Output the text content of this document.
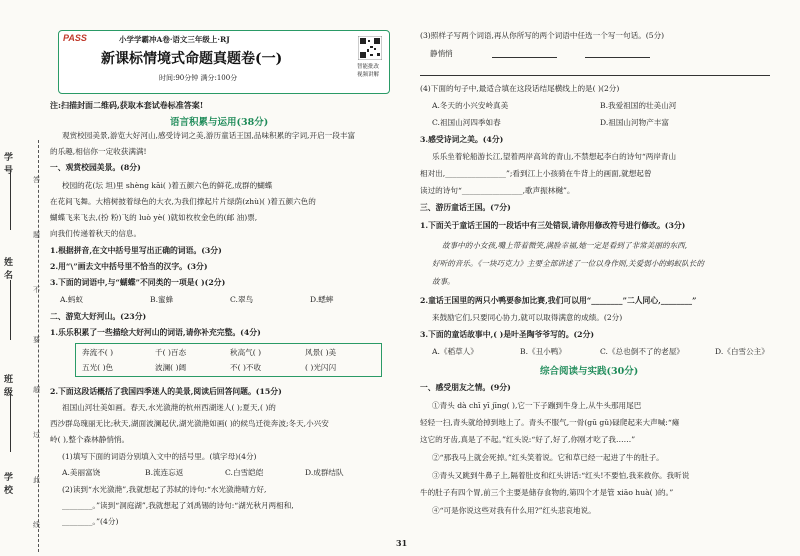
学号
姓名
班级
学校
答
题
不
要
超
过
此
线
PASS	小学学霸冲A卷·语文三年级上·RJ
新课标情境式命题真题卷(一)
时间:90分钟 满分:100分
智能批改
视频讲解
注:扫描封面二维码,获取本套试卷标准答案!
语言积累与运用(38分)
观赏校园美景,游览大好河山,感受诗词之美,游历童话王国,品味积累的字词,开启一段丰富
的乐趣,相信你一定收获满满!
一、观赏校园美景。(8分)
校园的花(坛 坦)里 shèng kāi( )着五颜六色的鲜花,成群的蝴蝶
在花间飞舞。大榕树披着绿色的大衣,为我们撑起片片绿荫(zhù)( )着五颜六色的
蝴蝶飞来飞去,(扮 粉)飞的 luò yè( )就如枚枚金色的(邮 油)票,
向我们传递着秋天的信息。
1.根据拼音,在文中括号里写出正确的词语。(3分)
2.用“\”画去文中括号里不恰当的汉字。(3分)
3.下面的词语中,与“蝴蝶”不同类的一项是( )(2分)
A.蚂蚁	B.蜜蜂	C.翠鸟	D.蟋蟀
二、游览大好河山。(23分)
1.乐乐积累了一些描绘大好河山的词语,请你补充完整。(4分)
奔流不( )	千( )百态	秋高气( )	风景( )美
五光( )色	波澜( )阔	不( )不收	( )光闪闪
2.下面这段话概括了我国四季迷人的美景,阅读后回答问题。(15分)
祖国山河壮美如画。春天,水光潋滟的杭州西湖迷人( );夏天,( )的
西沙群岛瑰丽无比;秋天,湖面波澜起伏,湖光潋滟如画( )的候鸟迁徙奔波;冬天,小兴安
岭( ),整个森林静悄悄。
(1)填写下面的词语分别填入文中的括号里。(填字母)(4分)
A.美丽富饶	B.流连忘返	C.白雪皑皑	D.成群结队
(2)读到“水光潋滟”,我就想起了苏轼的诗句:“水光潋滟晴方好,
________。”读到“洞庭湖”,我就想起了刘禹锡的诗句:“湖光秋月两相和,
________。”(4分)
(3)照样子写两个词语,再从你所写的两个词语中任选一个写一句话。(5分)
静悄悄
(4)下面的句子中,最适合填在这段话结尾横线上的是( )(2分)
A.冬天的小兴安岭真美	B.我爱祖国的壮美山河
C.祖国山河四季如春	D.祖国山河物产丰富
3.感受诗词之美。(4分)
乐乐坐着轮船游长江,望着两岸高耸的青山,不禁想起李白的诗句“两岸青山
相对出,________________”;看到江上小孩骑在牛背上的画面,就想起曾
读过的诗句“________________,歌声振林樾”。
三、游历童话王国。(7分)
1.下面关于童话王国的一段话中有三处错误,请你用修改符号进行修改。(3分)
故事中的小女孩,嘴上带着微笑,满脸幸福,她一定是看到了非常美丽的东西,
好听的音乐。《一块巧克力》主要全部讲述了一位以身作则,关爱弱小的蚂蚁队长的
故事。
2.童话王国里的两只小鸭要参加比赛,我们可以用“________”二人同心,________”
来鼓励它们,只要同心协力,就可以取得满意的成绩。(2分)
3.下面的童话故事中,( )是叶圣陶爷爷写的。(2分)
A.《稻草人》	B.《丑小鸭》	C.《总也倒不了的老屋》	D.《白雪公主》
综合阅读与实践(30分)
一、感受朋友之情。(9分)
①青头 dà chī yī jīng( ),它一下子蹦到牛身上,从牛头那用尾巴
轻轻一扫,青头就给掉到地上了。青头不服气,一骨(gū gǔ)碌爬起来大声喊:“瘫
这它的牙齿,真是了不起。”红头说:“好了,好了,你刚才吃了我……”
②“那我马上就会死掉。”红头笑着说。它和草已经一起进了牛的肚子。
③青头又跳到牛鼻子上,隔着肚皮和红头讲话:“红头!不要怕,我来救你。我听说
牛的肚子有四个胃,前三个主要是储存食物的,第四个才是管 xiāo huà( )的。”
④“可是你说这些对我有什么用?”红头悲哀地说。
31
